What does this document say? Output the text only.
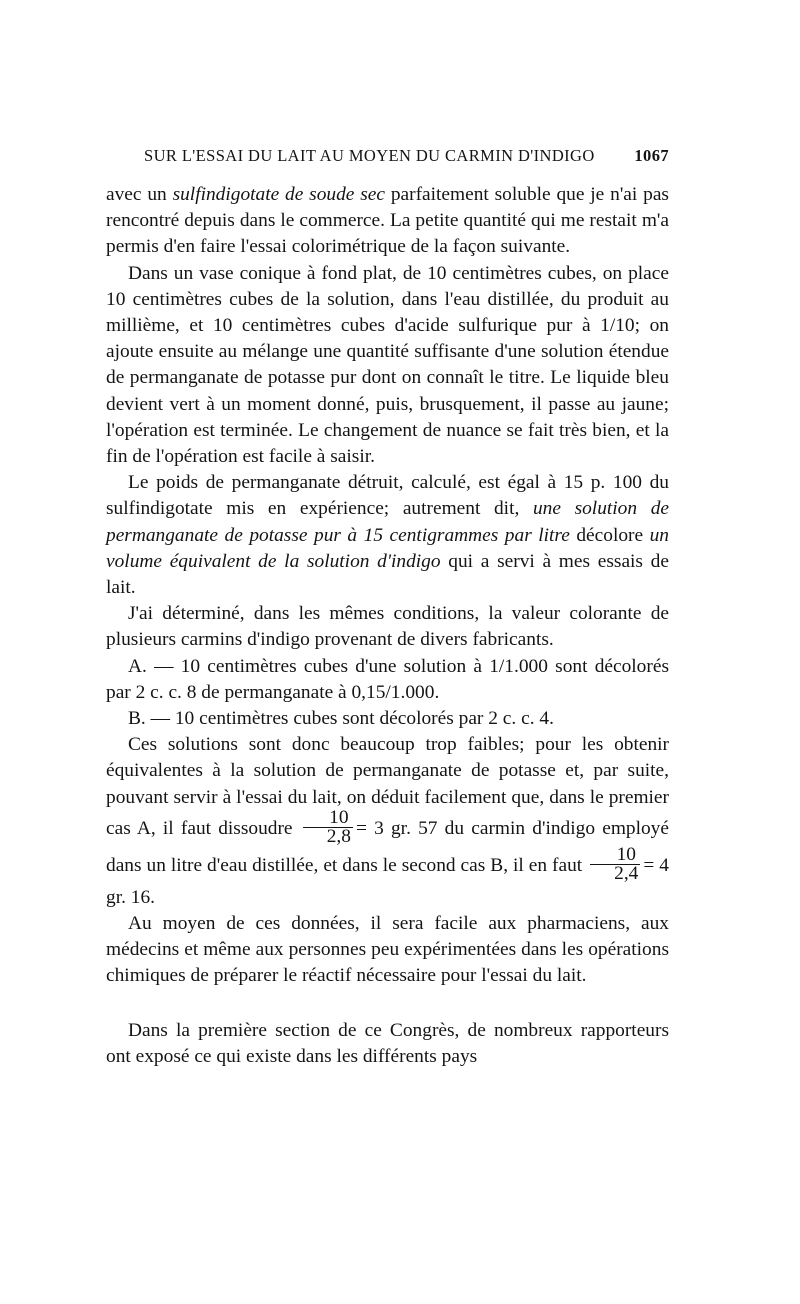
SUR L'ESSAI DU LAIT AU MOYEN DU CARMIN D'INDIGO 1067

avec un sulfindigotate de soude sec parfaitement soluble que je n'ai pas rencontré depuis dans le commerce. La petite quantité qui me restait m'a permis d'en faire l'essai colorimétrique de la façon suivante.

Dans un vase conique à fond plat, de 10 centimètres cubes, on place 10 centimètres cubes de la solution, dans l'eau distillée, du produit au millième, et 10 centimètres cubes d'acide sulfurique pur à 1/10; on ajoute ensuite au mélange une quantité suffisante d'une solution étendue de permanganate de potasse pur dont on connaît le titre. Le liquide bleu devient vert à un moment donné, puis, brusquement, il passe au jaune; l'opération est terminée. Le changement de nuance se fait très bien, et la fin de l'opération est facile à saisir.

Le poids de permanganate détruit, calculé, est égal à 15 p. 100 du sulfindigotate mis en expérience; autrement dit, une solution de permanganate de potasse pur à 15 centigrammes par litre décolore un volume équivalent de la solution d'indigo qui a servi à mes essais de lait.

J'ai déterminé, dans les mêmes conditions, la valeur colorante de plusieurs carmins d'indigo provenant de divers fabricants.

A. — 10 centimètres cubes d'une solution à 1/1.000 sont décolorés par 2 c. c. 8 de permanganate à 0,15/1.000.

B. — 10 centimètres cubes sont décolorés par 2 c. c. 4.

Ces solutions sont donc beaucoup trop faibles; pour les obtenir équivalentes à la solution de permanganate de potasse et, par suite, pouvant servir à l'essai du lait, on déduit facilement que, dans le premier cas A, il faut dissoudre $\frac{10}{2,8} = 3$ gr. 57 du carmin d'indigo employé dans un litre d'eau distillée, et dans le second cas B, il en faut $\frac{10}{2,4} = 4$ gr. 16.

Au moyen de ces données, il sera facile aux pharmaciens, aux médecins et même aux personnes peu expérimentées dans les opérations chimiques de préparer le réactif nécessaire pour l'essai du lait.

Dans la première section de ce Congrès, de nombreux rapporteurs ont exposé ce qui existe dans les différents pays
